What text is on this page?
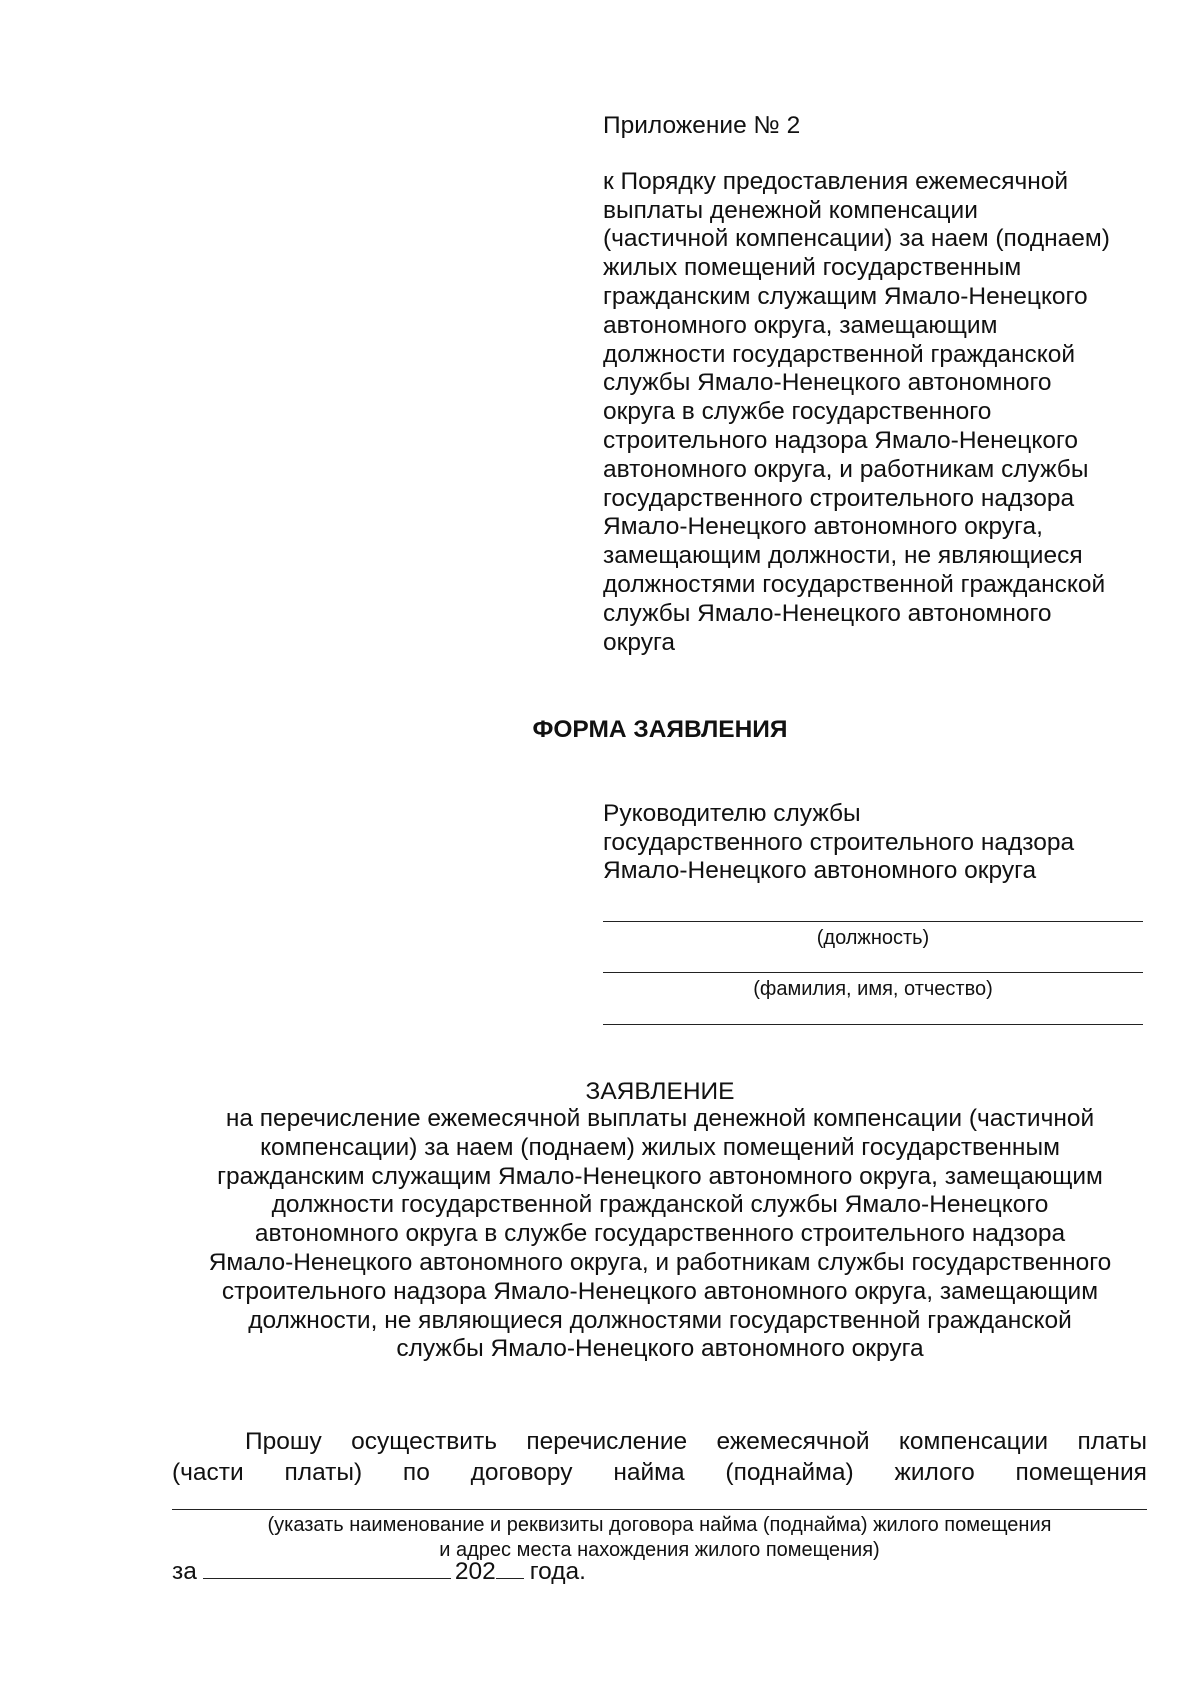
Приложение № 2
к Порядку предоставления ежемесячной
выплаты денежной компенсации
(частичной компенсации) за наем (поднаем)
жилых помещений государственным
гражданским служащим Ямало-Ненецкого
автономного округа, замещающим
должности государственной гражданской
службы Ямало-Ненецкого автономного
округа в службе государственного
строительного надзора Ямало-Ненецкого
автономного округа, и работникам службы
государственного строительного надзора
Ямало-Ненецкого автономного округа,
замещающим должности, не являющиеся
должностями государственной гражданской
службы Ямало-Ненецкого автономного
округа
ФОРМА ЗАЯВЛЕНИЯ
Руководителю службы
государственного строительного надзора
Ямало-Ненецкого автономного округа
(должность)
(фамилия, имя, отчество)
ЗАЯВЛЕНИЕ
на перечисление ежемесячной выплаты денежной компенсации (частичной
компенсации) за наем (поднаем) жилых помещений государственным
гражданским служащим Ямало-Ненецкого автономного округа, замещающим
должности государственной гражданской службы Ямало-Ненецкого
автономного округа в службе государственного строительного надзора
Ямало-Ненецкого автономного округа, и работникам службы государственного
строительного надзора Ямало-Ненецкого автономного округа, замещающим
должности, не являющиеся должностями государственной гражданской
службы Ямало-Ненецкого автономного округа
Прошу осуществить перечисление ежемесячной компенсации платы
(части платы) по договору найма (поднайма) жилого помещения
(указать наименование и реквизиты договора найма (поднайма) жилого помещения
и адрес места нахождения жилого помещения)
за	202 года.
